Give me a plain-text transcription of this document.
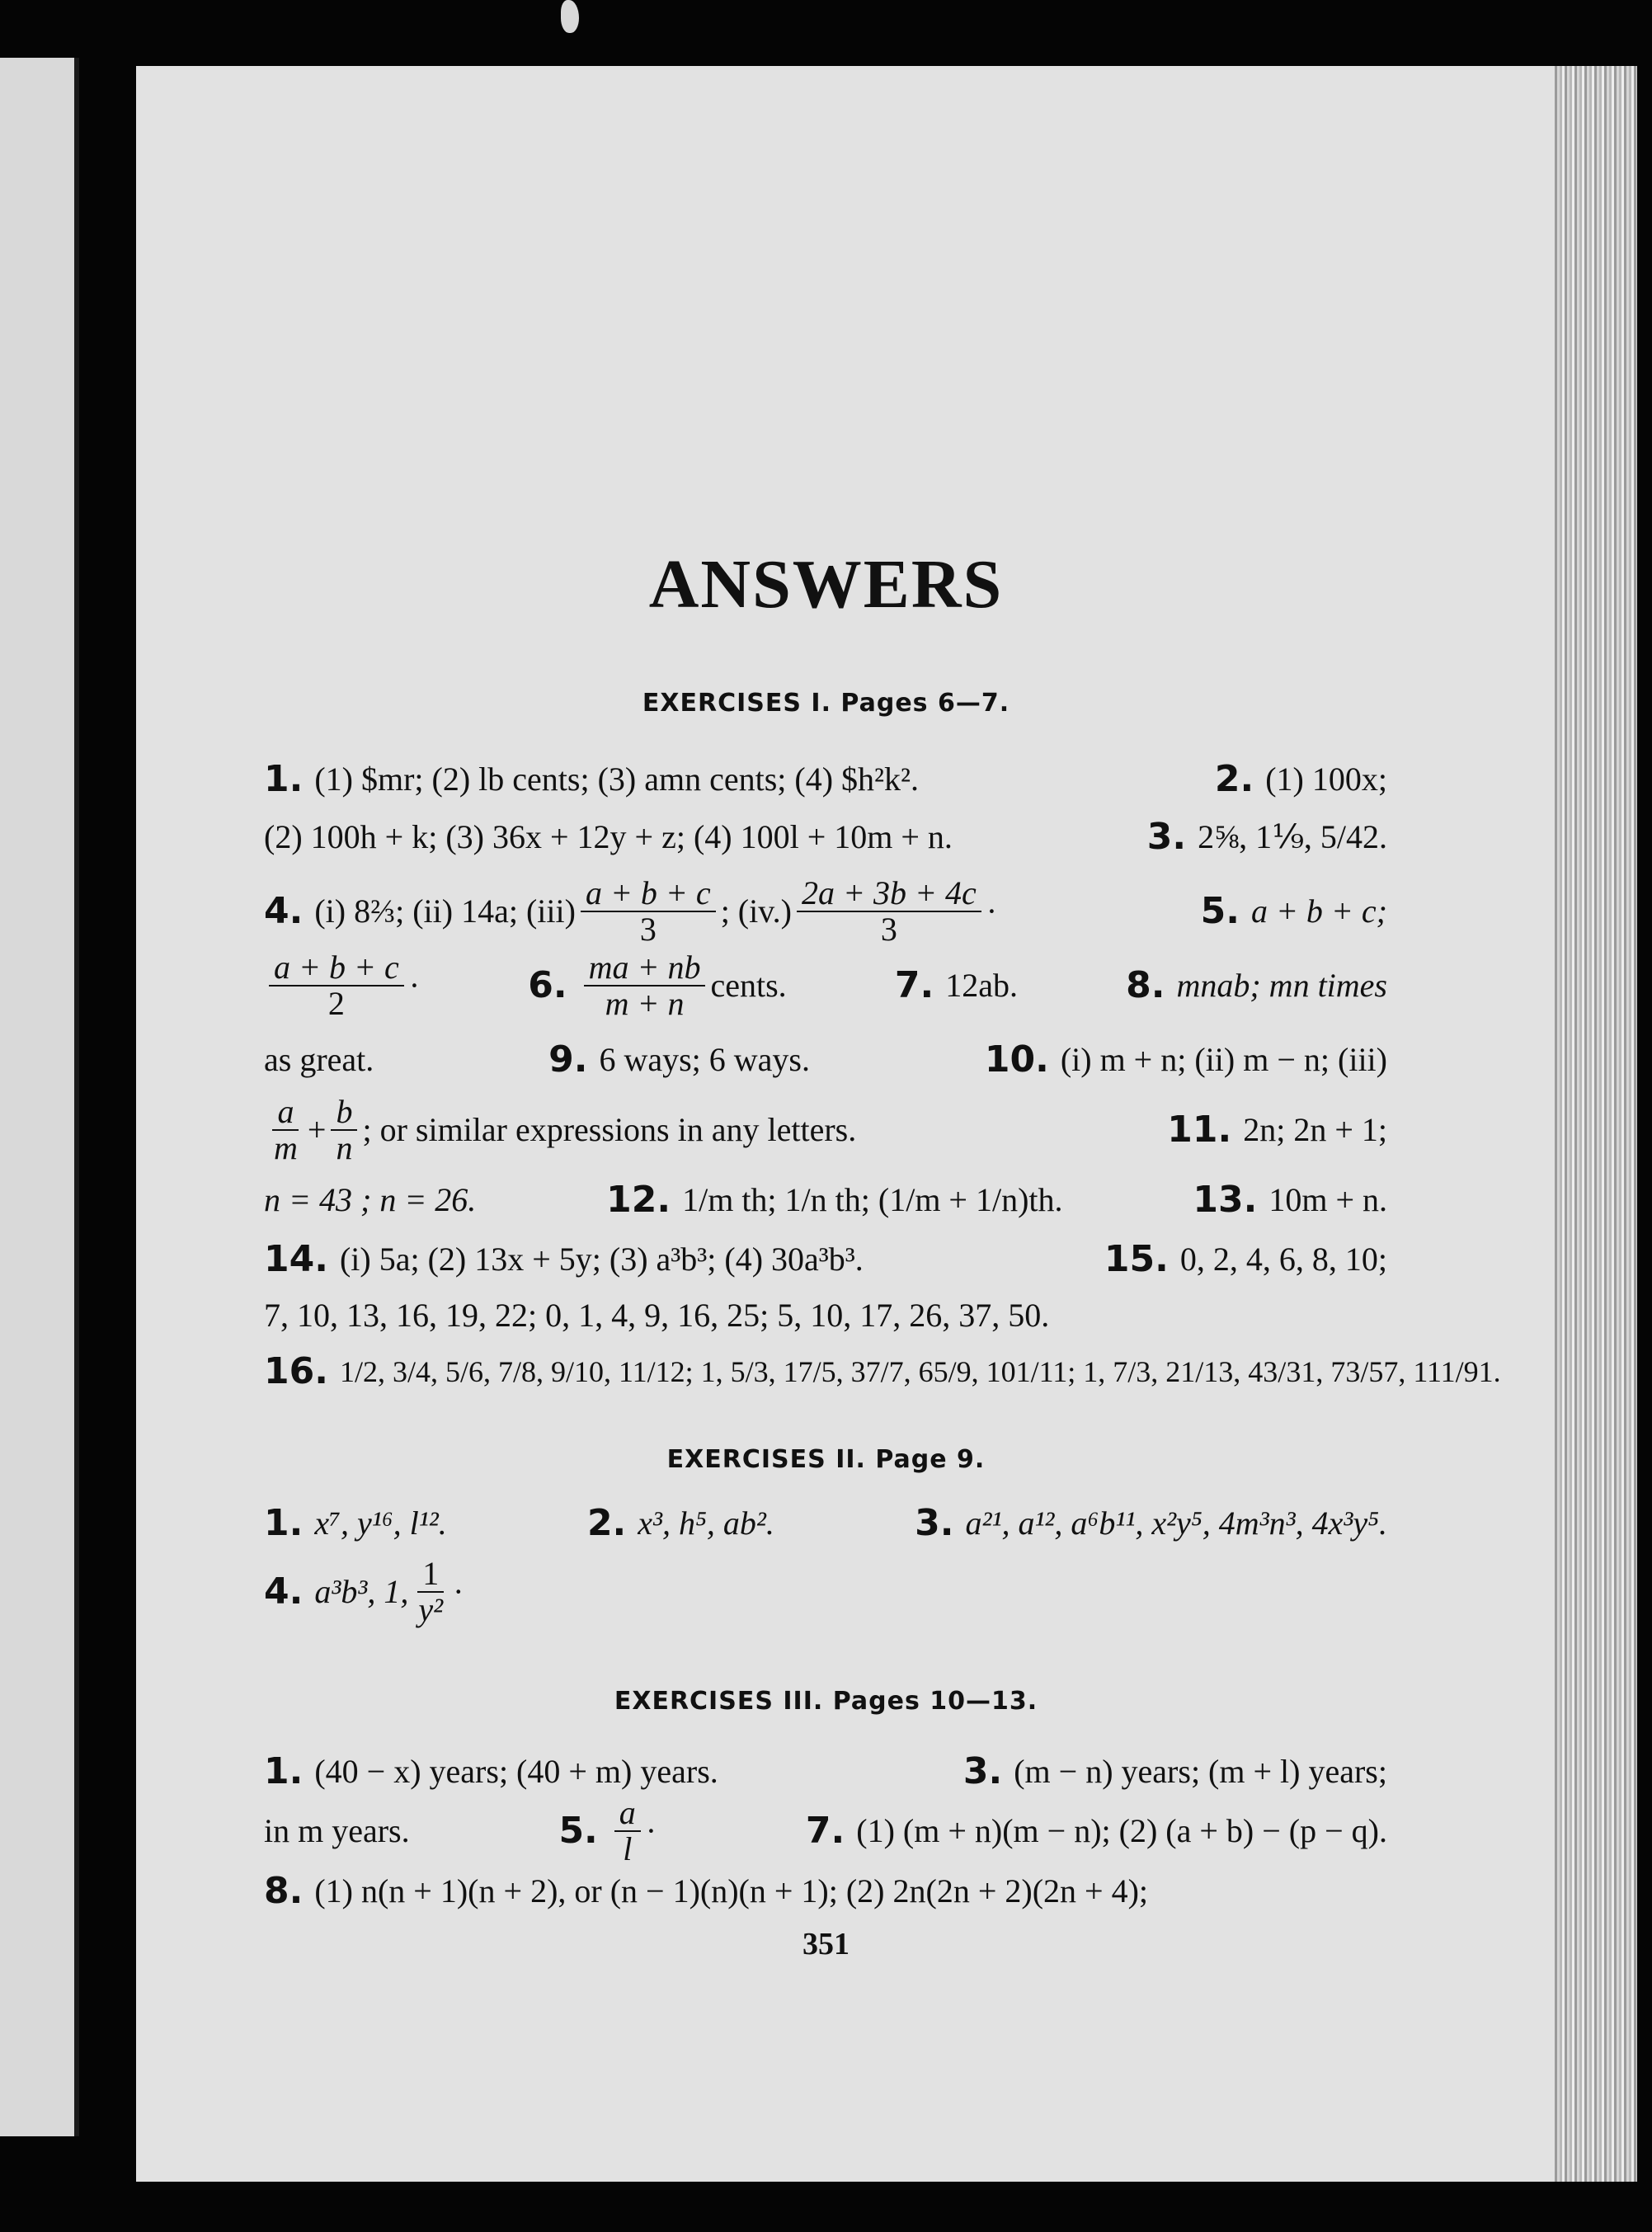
ANSWERS
EXERCISES I. Pages 6—7.
1. (1) $mr; (2) lb cents; (3) amn cents; (4) $h²k².	2. (1) 100x;
(2) 100h + k; (3) 36x + 12y + z; (4) 100l + 10m + n.	3. 2⅝, 1⅑, 5/42.
4. (i) 8⅔; (ii) 14a; $(iii) \frac{a + b + c}{3}$ ; $(iv.) \frac{2a + 3b + 4c}{3}$ ·	5. a + b + c;
$\frac{a + b + c}{2}$ ·	6. $\frac{ma + nb}{m + n}$ cents.	7. 12ab.	8. mnab; mn times
as great.	9. 6 ways; 6 ways.	10. (i) m + n; (ii) m − n; (iii)
$\frac{a}{m} + \frac{b}{n}$ ; or similar expressions in any letters.	11. 2n; 2n + 1;
n = 43 ; n = 26.	12. 1/m th; 1/n th; (1/m + 1/n)th.	13. 10m + n.
14. (i) 5a; (2) 13x + 5y; (3) a³b³; (4) 30a³b³.	15. 0, 2, 4, 6, 8, 10;
7, 10, 13, 16, 19, 22; 0, 1, 4, 9, 16, 25; 5, 10, 17, 26, 37, 50.
16. 1/2, 3/4, 5/6, 7/8, 9/10, 11/12; 1, 5/3, 17/5, 37/7, 65/9, 101/11; 1, 7/3, 21/13, 43/31, 73/57, 111/91.
EXERCISES II. Page 9.
1. x⁷, y¹⁶, l¹².	2. x³, h⁵, ab².	3. a²¹, a¹², a⁶b¹¹, x²y⁵, 4m³n³, 4x³y⁵.
4. a³b³, 1, $\frac{1}{\text{y²}}$ ·
EXERCISES III. Pages 10—13.
1. (40 − x) years; (40 + m) years.	3. (m − n) years; (m + l) years;
in m years.	5. $\frac{a}{l}$ ·	7. (1) (m + n)(m − n); (2) (a + b) − (p − q).
8. (1) n(n + 1)(n + 2), or (n − 1)(n)(n + 1); (2) 2n(2n + 2)(2n + 4);
351
